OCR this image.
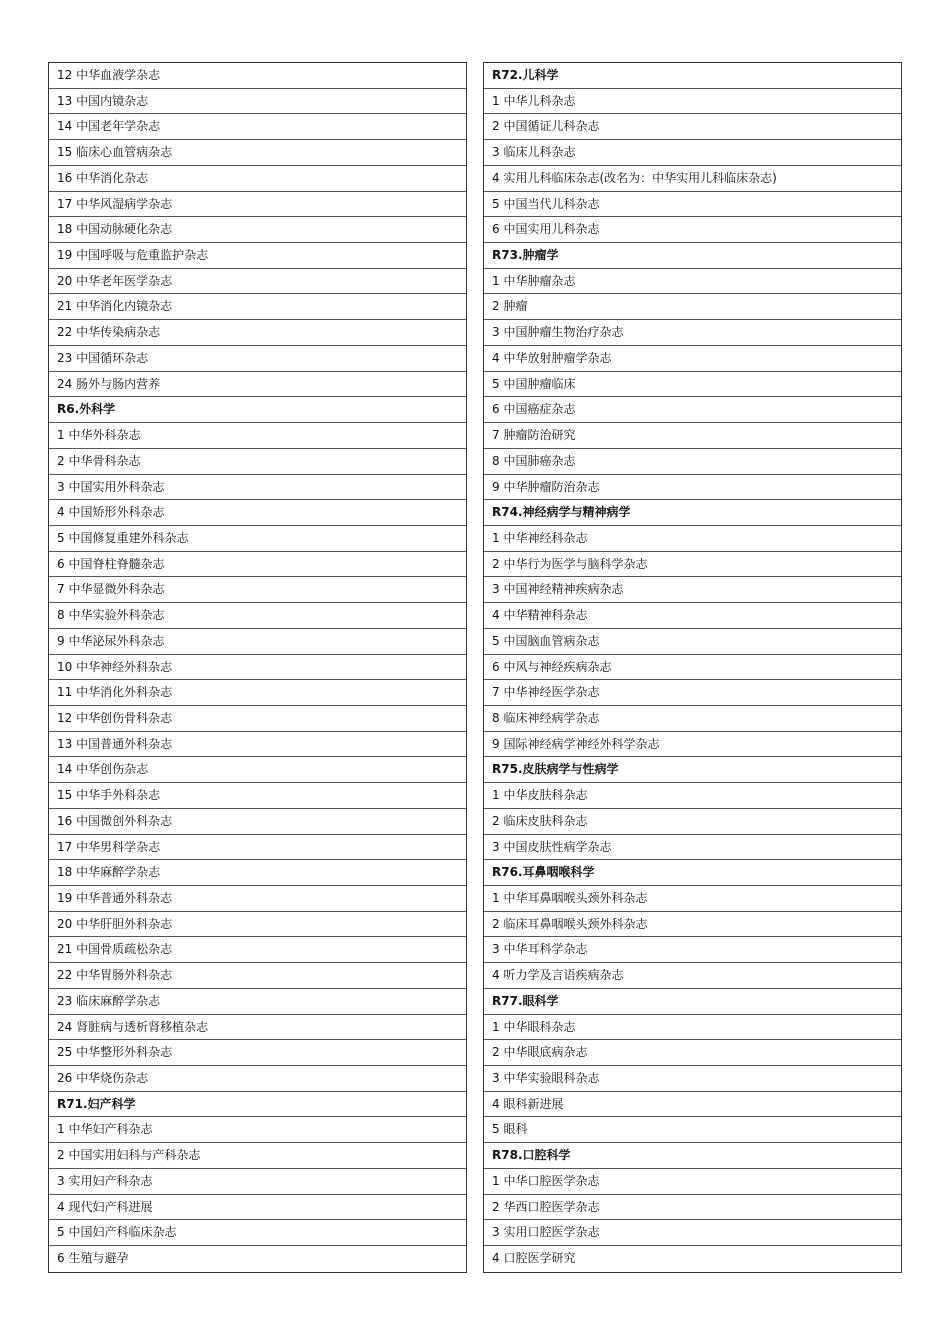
12 中华血液学杂志
13 中国内镜杂志
14 中国老年学杂志
15 临床心血管病杂志
16 中华消化杂志
17 中华风湿病学杂志
18 中国动脉硬化杂志
19 中国呼吸与危重监护杂志
20 中华老年医学杂志
21 中华消化内镜杂志
22 中华传染病杂志
23 中国循环杂志
24 肠外与肠内营养
R6.外科学
1 中华外科杂志
2 中华骨科杂志
3 中国实用外科杂志
4 中国矫形外科杂志
5 中国修复重建外科杂志
6 中国脊柱脊髓杂志
7 中华显微外科杂志
8 中华实验外科杂志
9 中华泌尿外科杂志
10 中华神经外科杂志
11 中华消化外科杂志
12 中华创伤骨科杂志
13 中国普通外科杂志
14 中华创伤杂志
15 中华手外科杂志
16 中国微创外科杂志
17 中华男科学杂志
18 中华麻醉学杂志
19 中华普通外科杂志
20 中华肝胆外科杂志
21 中国骨质疏松杂志
22 中华胃肠外科杂志
23 临床麻醉学杂志
24 肾脏病与透析肾移植杂志
25 中华整形外科杂志
26 中华烧伤杂志
R71.妇产科学
1 中华妇产科杂志
2 中国实用妇科与产科杂志
3 实用妇产科杂志
4 现代妇产科进展
5 中国妇产科临床杂志
6 生殖与避孕
R72.儿科学
1 中华儿科杂志
2 中国循证儿科杂志
3 临床儿科杂志
4 实用儿科临床杂志(改名为：中华实用儿科临床杂志)
5 中国当代儿科杂志
6 中国实用儿科杂志
R73.肿瘤学
1 中华肿瘤杂志
2 肿瘤
3 中国肿瘤生物治疗杂志
4 中华放射肿瘤学杂志
5 中国肿瘤临床
6 中国癌症杂志
7 肿瘤防治研究
8 中国肺癌杂志
9 中华肿瘤防治杂志
R74.神经病学与精神病学
1 中华神经科杂志
2 中华行为医学与脑科学杂志
3 中国神经精神疾病杂志
4 中华精神科杂志
5 中国脑血管病杂志
6 中风与神经疾病杂志
7 中华神经医学杂志
8 临床神经病学杂志
9 国际神经病学神经外科学杂志
R75.皮肤病学与性病学
1 中华皮肤科杂志
2 临床皮肤科杂志
3 中国皮肤性病学杂志
R76.耳鼻咽喉科学
1 中华耳鼻咽喉头颈外科杂志
2 临床耳鼻咽喉头颈外科杂志
3 中华耳科学杂志
4 听力学及言语疾病杂志
R77.眼科学
1 中华眼科杂志
2 中华眼底病杂志
3 中华实验眼科杂志
4 眼科新进展
5 眼科
R78.口腔科学
1 中华口腔医学杂志
2 华西口腔医学杂志
3 实用口腔医学杂志
4 口腔医学研究
